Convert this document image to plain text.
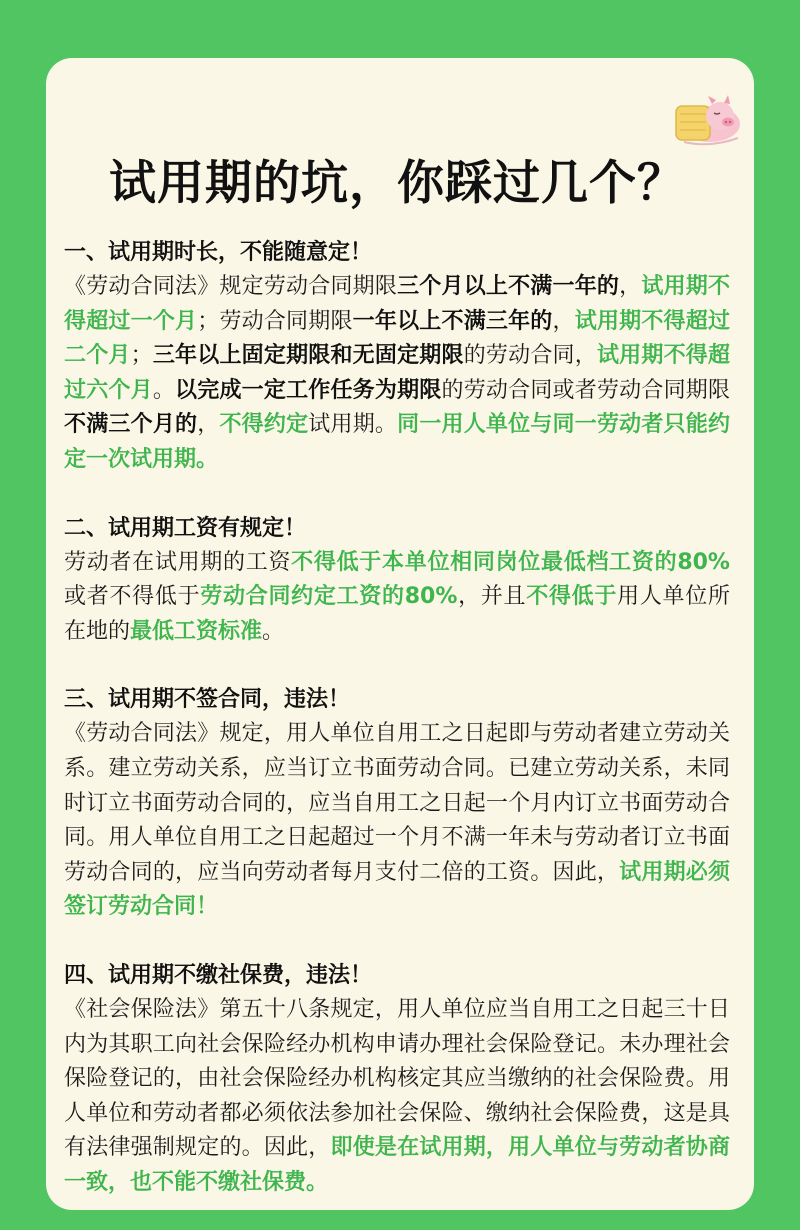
试用期的坑，你踩过几个？
一、试用期时长，不能随意定！
《劳动合同法》规定劳动合同期限三个月以上不满一年的，试用期不得超过一个月；劳动合同期限一年以上不满三年的，试用期不得超过二个月；三年以上固定期限和无固定期限的劳动合同，试用期不得超过六个月。以完成一定工作任务为期限的劳动合同或者劳动合同期限不满三个月的，不得约定试用期。同一用人单位与同一劳动者只能约定一次试用期。
二、试用期工资有规定！
劳动者在试用期的工资不得低于本单位相同岗位最低档工资的80%或者不得低于劳动合同约定工资的80%，并且不得低于用人单位所在地的最低工资标准。
三、试用期不签合同，违法！
《劳动合同法》规定，用人单位自用工之日起即与劳动者建立劳动关系。建立劳动关系，应当订立书面劳动合同。已建立劳动关系，未同时订立书面劳动合同的，应当自用工之日起一个月内订立书面劳动合同。用人单位自用工之日起超过一个月不满一年未与劳动者订立书面劳动合同的，应当向劳动者每月支付二倍的工资。因此，试用期必须签订劳动合同！
四、试用期不缴社保费，违法！
《社会保险法》第五十八条规定，用人单位应当自用工之日起三十日内为其职工向社会保险经办机构申请办理社会保险登记。未办理社会保险登记的，由社会保险经办机构核定其应当缴纳的社会保险费。用人单位和劳动者都必须依法参加社会保险、缴纳社会保险费，这是具有法律强制规定的。因此，即使是在试用期，用人单位与劳动者协商一致，也不能不缴社保费。
